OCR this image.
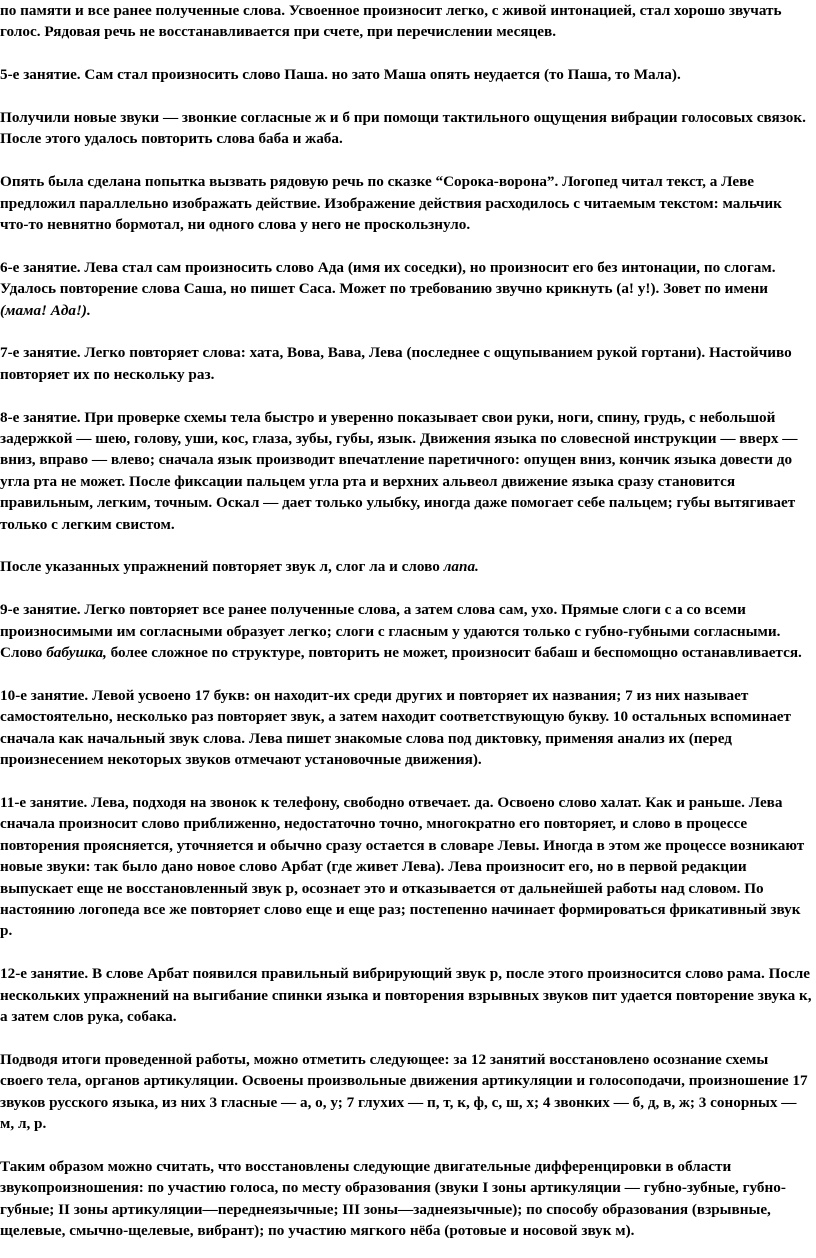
по памяти и все ранее полученные слова. Усвоенное произносит легко, с живой интонацией, стал хорошо звучать голос. Рядовая речь не восстанавливается при счете, при перечислении месяцев.

5-е занятие. Сам стал произносить слово Паша. но зато Маша опять неудается (то Паша, то Мала).

Получили новые звуки — звонкие согласные ж и б при помощи тактильного ощущения вибрации голосовых связок. После этого удалось повторить слова баба и жаба.

Опять была сделана попытка вызвать рядовую речь по сказке “Сорока-ворона”. Логопед читал текст, а Леве предложил параллельно изображать действие. Изображение действия расходилось с читаемым текстом: мальчик что-то невнятно бормотал, ни одного слова у него не проскользнуло.

6-е занятие. Лева стал сам произносить слово Ада (имя их соседки), но произносит его без интонации, по слогам. Удалось повторение слова Саша, но пишет Саса. Может по требованию звучно крикнуть (а! у!). Зовет по имени (мама! Ада!).

7-е занятие. Легко повторяет слова: хата, Вова, Вава, Лева (последнее с ощупыванием рукой гортани). Настойчиво повторяет их по нескольку раз.

8-е занятие. При проверке схемы тела быстро и уверенно показывает свои руки, ноги, спину, грудь, с небольшой задержкой — шею, голову, уши, кос, глаза, зубы, губы, язык. Движения языка по словесной инструкции — вверх — вниз, вправо — влево; сначала язык производит впечатление паретичного: опущен вниз, кончик языка довести до угла рта не может. После фиксации пальцем угла рта и верхних альвеол движение языка сразу становится правильным, легким, точным. Оскал — дает только улыбку, иногда даже помогает себе пальцем; губы вытягивает только с легким свистом.

После указанных упражнений повторяет звук л, слог ла и слово лапа.

9-е занятие. Легко повторяет все ранее полученные слова, а затем слова сам, ухо. Прямые слоги с а со всеми произносимыми им согласными образует легко; слоги с гласным у удаются только с губно-губными согласными. Слово бабушка, более сложное по структуре, повторить не может, произносит бабаш и беспомощно останавливается.

10-е занятие. Левой усвоено 17 букв: он находит-их среди других и повторяет их названия; 7 из них называет самостоятельно, несколько раз повторяет звук, а затем находит соответствующую букву. 10 остальных вспоминает сначала как начальный звук слова. Лева пишет знакомые слова под диктовку, применяя анализ их (перед произнесением некоторых звуков отмечают установочные движения).

11-е занятие. Лева, подходя на звонок к телефону, свободно отвечает. да. Освоено слово халат. Как и раньше. Лева сначала произносит слово приближенно, недостаточно точно, многократно его повторяет, и слово в процессе повторения проясняется, уточняется и обычно сразу остается в словаре Левы. Иногда в этом же процессе возникают новые звуки: так было дано новое слово Арбат (где живет Лева). Лева произносит его, но в первой редакции выпускает еще не восстановленный звук р, осознает это и отказывается от дальнейшей работы над словом. По настоянию логопеда все же повторяет слово еще и еще раз; постепенно начинает формироваться фрикативный звук р.

12-е занятие. В слове Арбат появился правильный вибрирующий звук р, после этого произносится слово рама. После нескольких упражнений на выгибание спинки языка и повторения взрывных звуков пит удается повторение звука к, а затем слов рука, собака.

Подводя итоги проведенной работы, можно отметить следующее: за 12 занятий восстановлено осознание схемы своего тела, органов артикуляции. Освоены произвольные движения артикуляции и голосоподачи, произношение 17 звуков русского языка, из них 3 гласные — а, о, у; 7 глухих — п, т, к, ф, с, ш, х; 4 звонких — б, д, в, ж; 3 сонорных — м, л, р.

Таким образом можно считать, что восстановлены следующие двигательные дифференцировки в области звукопроизношения: по участию голоса, по месту образования (звуки I зоны артикуляции — губно-зубные, губно-губные; II зоны артикуляции—переднеязычные; III зоны—заднеязычные); по способу образования (взрывные, щелевые, смычно-щелевые, вибрант); по участию мягкого нёба (ротовые и носовой звук м).
